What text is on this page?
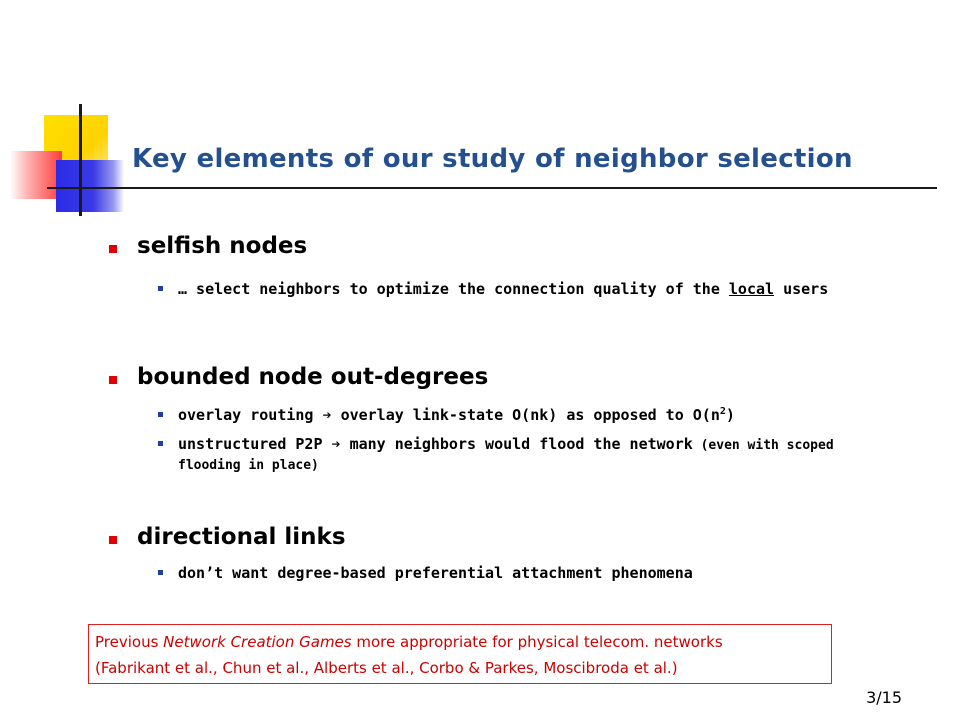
Key elements of our study of neighbor selection
selfish nodes
… select neighbors to optimize the connection quality of the local users
bounded node out-degrees
overlay routing ➔ overlay link-state O(nk) as opposed to $O(n^2)$
unstructured P2P ➔ many neighbors would flood the network (even with scoped flooding in place)
directional links
don’t want degree-based preferential attachment phenomena
Previous Network Creation Games more appropriate for physical telecom. networks
(Fabrikant et al., Chun et al., Alberts et al., Corbo & Parkes, Moscibroda et al.)
3/15
